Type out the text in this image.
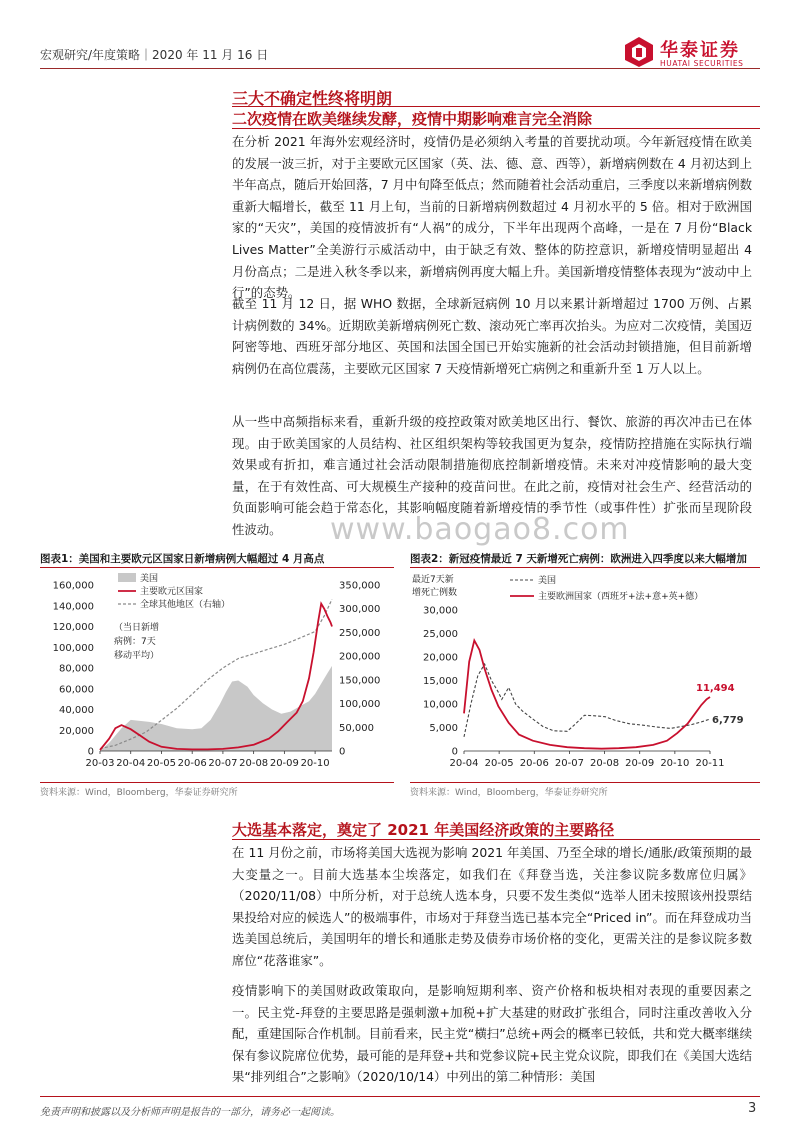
宏观研究/年度策略｜2020 年 11 月 16 日	华泰证券
HUATAI SECURITIES
三大不确定性终将明朗
二次疫情在欧美继续发酵，疫情中期影响难言完全消除

在分析 2021 年海外宏观经济时，疫情仍是必须纳入考量的首要扰动项。今年新冠疫情在欧美的发展一波三折，对于主要欧元区国家（英、法、德、意、西等），新增病例数在 4 月初达到上半年高点，随后开始回落，7 月中旬降至低点；然而随着社会活动重启，三季度以来新增病例数重新大幅增长，截至 11 月上旬，当前的日新增病例数超过 4 月初水平的 5 倍。相对于欧洲国家的“天灾”，美国的疫情波折有“人祸”的成分，下半年出现两个高峰，一是在 7 月份“Black Lives Matter”全美游行示威活动中，由于缺乏有效、整体的防控意识，新增疫情明显超出 4 月份高点；二是进入秋冬季以来，新增病例再度大幅上升。美国新增疫情整体表现为“波动中上行”的态势。

截至 11 月 12 日，据 WHO 数据，全球新冠病例 10 月以来累计新增超过 1700 万例、占累计病例数的 34%。近期欧美新增病例死亡数、滚动死亡率再次抬头。为应对二次疫情，美国迈阿密等地、西班牙部分地区、英国和法国全国已开始实施新的社会活动封锁措施，但目前新增病例仍在高位震荡，主要欧元区国家 7 天疫情新增死亡病例之和重新升至 1 万人以上。

从一些中高频指标来看，重新升级的疫控政策对欧美地区出行、餐饮、旅游的再次冲击已在体现。由于欧美国家的人员结构、社区组织架构等较我国更为复杂，疫情防控措施在实际执行端效果或有折扣，难言通过社会活动限制措施彻底控制新增疫情。未来对冲疫情影响的最大变量，在于有效性高、可大规模生产接种的疫苗问世。在此之前，疫情对社会生产、经营活动的负面影响可能会趋于常态化，其影响幅度随着新增疫情的季节性（或事件性）扩张而呈现阶段性波动。	www.baogao8.com
图表1：美国和主要欧元区国家日新增病例大幅超过 4 月高点
0
20,000
40,000
60,000
80,000
100,000
120,000
140,000
160,000
0
50,000
100,000
150,000
200,000
250,000
300,000
350,000
20-03 20-04 20-05 20-06 20-07 20-08 20-09 20-10
美国
主要欧元区国家
全球其他地区（右轴）
（当日新增
病例：7天
移动平均）
资料来源：Wind，Bloomberg，华泰证券研究所
图表2：新冠疫情最近 7 天新增死亡病例：欧洲进入四季度以来大幅增加
0
5,000
10,000
15,000
20,000
25,000
30,000
20-04 20-05 20-06 20-07 20-08 20-09 20-10 20-11
最近7天新
增死亡例数
美国
主要欧洲国家（西班牙+法+意+英+德）
11,494
6,779
资料来源：Wind，Bloomberg，华泰证券研究所
大选基本落定，奠定了 2021 年美国经济政策的主要路径

在 11 月份之前，市场将美国大选视为影响 2021 年美国、乃至全球的增长/通胀/政策预期的最大变量之一。目前大选基本尘埃落定，如我们在《拜登当选，关注参议院多数席位归属》（2020/11/08）中所分析，对于总统人选本身，只要不发生类似“选举人团未按照该州投票结果投给对应的候选人”的极端事件，市场对于拜登当选已基本完全“Priced in”。而在拜登成功当选美国总统后，美国明年的增长和通胀走势及债券市场价格的变化，更需关注的是参议院多数席位“花落谁家”。

疫情影响下的美国财政政策取向，是影响短期利率、资产价格和板块相对表现的重要因素之一。民主党-拜登的主要思路是强刺激+加税+扩大基建的财政扩张组合，同时注重改善收入分配，重建国际合作机制。目前看来，民主党“横扫”总统+两会的概率已较低，共和党大概率继续保有参议院席位优势，最可能的是拜登+共和党参议院+民主党众议院，即我们在《美国大选结果“排列组合”之影响》（2020/10/14）中列出的第二种情形：美国

免责声明和披露以及分析师声明是报告的一部分，请务必一起阅读。	3
